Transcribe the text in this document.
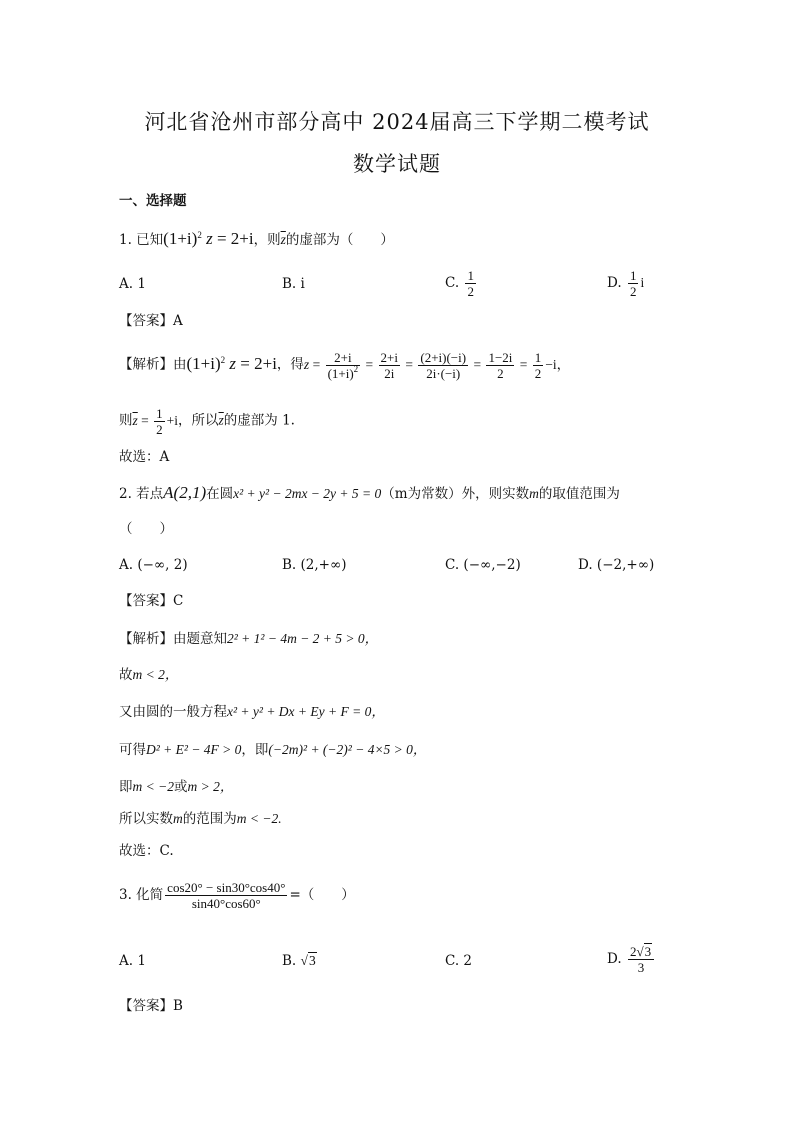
河北省沧州市部分高中 2024届高三下学期二模考试
数学试题
一、选择题
1. 已知$(1+i)^2$ z = 2+i，则$\overline{z}$的虚部为（　　）
A. 1	B. i	C. $\frac{1}{2}$	D. $\frac{1}{2}$ i
【答案】A
【解析】由$(1+i)^2$ z = 2+i，得$z = \frac{2+i}{(1+i)^2} = \frac{2+i}{2i} = \frac{(2+i)(-i)}{2i\cdot(-i)} = \frac{1-2i}{2} = \frac{1}{2} -i$，
则$\overline{z} = \frac{1}{2} +i$，所以$\overline{z}$的虚部为 1.
故选：A
2. 若点A(2,1)在圆x² + y² − 2mx − 2y + 5 = 0（m为常数）外，则实数m的取值范围为
（　　）
A. (−∞, 2)	B. (2,+∞)	C. (−∞,−2)	D. (−2,+∞)
【答案】C
【解析】由题意知2² + 1² − 4m − 2 + 5 > 0，
故m < 2，
又由圆的一般方程x² + y² + Dx + Ey + F = 0，
可得D² + E² − 4F > 0，即(−2m)² + (−2)² − 4×5 > 0，
即m < −2或m > 2，
所以实数m的范围为m < −2.
故选：C.
3. 化简 $\frac{\cos 20^\circ - \sin 30^\circ\cos 40^\circ}{\sin 40^\circ\cos 60^\circ}$ =（　　）
A. 1	B. √3	C. 2	D. $\frac{2√3}{3}$
【答案】B
